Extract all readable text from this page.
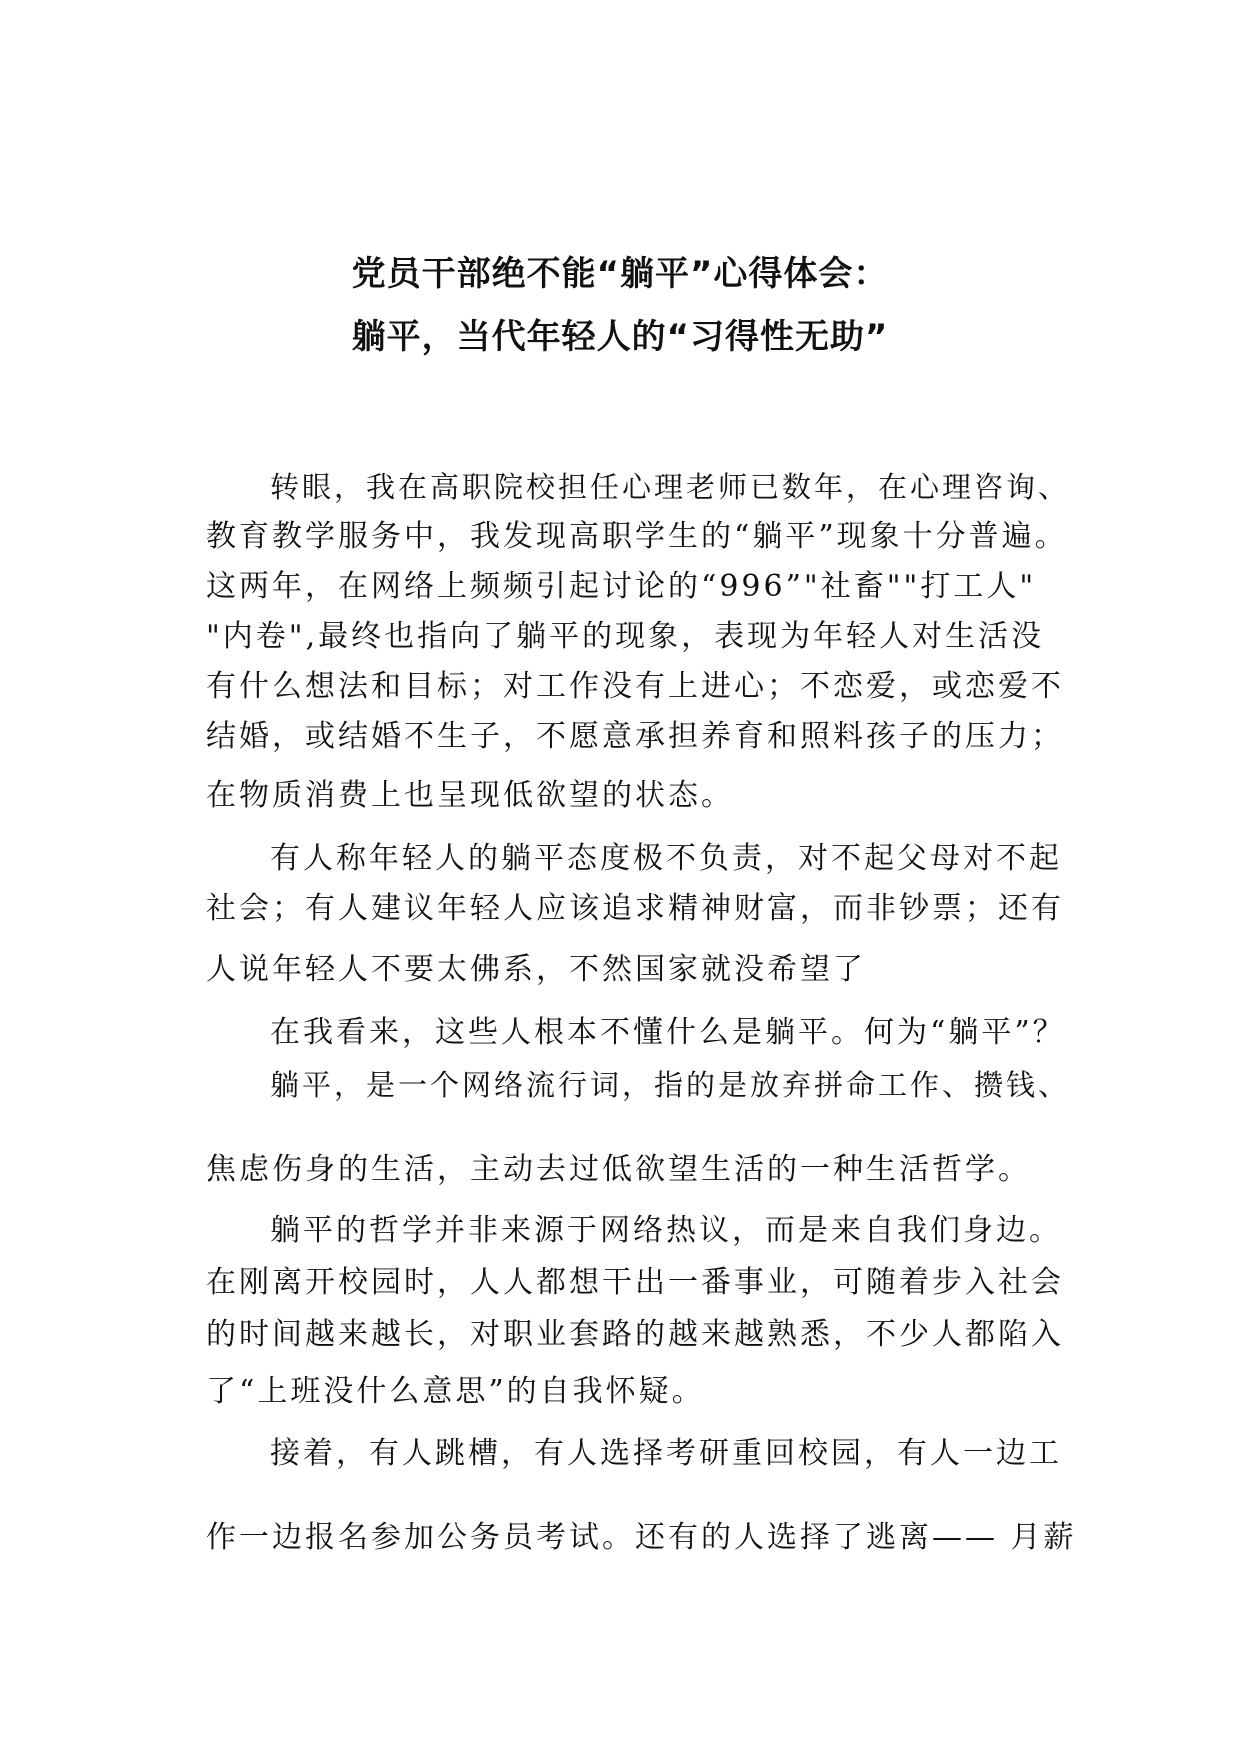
党员干部绝不能“躺平”心得体会：
躺平，当代年轻人的“习得性无助”
转眼，我在高职院校担任心理老师已数年，在心理咨询、
教育教学服务中，我发现高职学生的“躺平”现象十分普遍。
这两年，在网络上频频引起讨论的“996”"社畜""打工人"
"内卷",最终也指向了躺平的现象，表现为年轻人对生活没
有什么想法和目标；对工作没有上进心；不恋爱，或恋爱不
结婚，或结婚不生子，不愿意承担养育和照料孩子的压力；
在物质消费上也呈现低欲望的状态。
有人称年轻人的躺平态度极不负责，对不起父母对不起
社会；有人建议年轻人应该追求精神财富，而非钞票；还有
人说年轻人不要太佛系，不然国家就没希望了
在我看来，这些人根本不懂什么是躺平。何为“躺平”？
躺平，是一个网络流行词，指的是放弃拼命工作、攒钱、
焦虑伤身的生活，主动去过低欲望生活的一种生活哲学。
躺平的哲学并非来源于网络热议，而是来自我们身边。
在刚离开校园时，人人都想干出一番事业，可随着步入社会
的时间越来越长，对职业套路的越来越熟悉，不少人都陷入
了“上班没什么意思”的自我怀疑。
接着，有人跳槽，有人选择考研重回校园，有人一边工
作一边报名参加公务员考试。还有的人选择了逃离—— 月薪
